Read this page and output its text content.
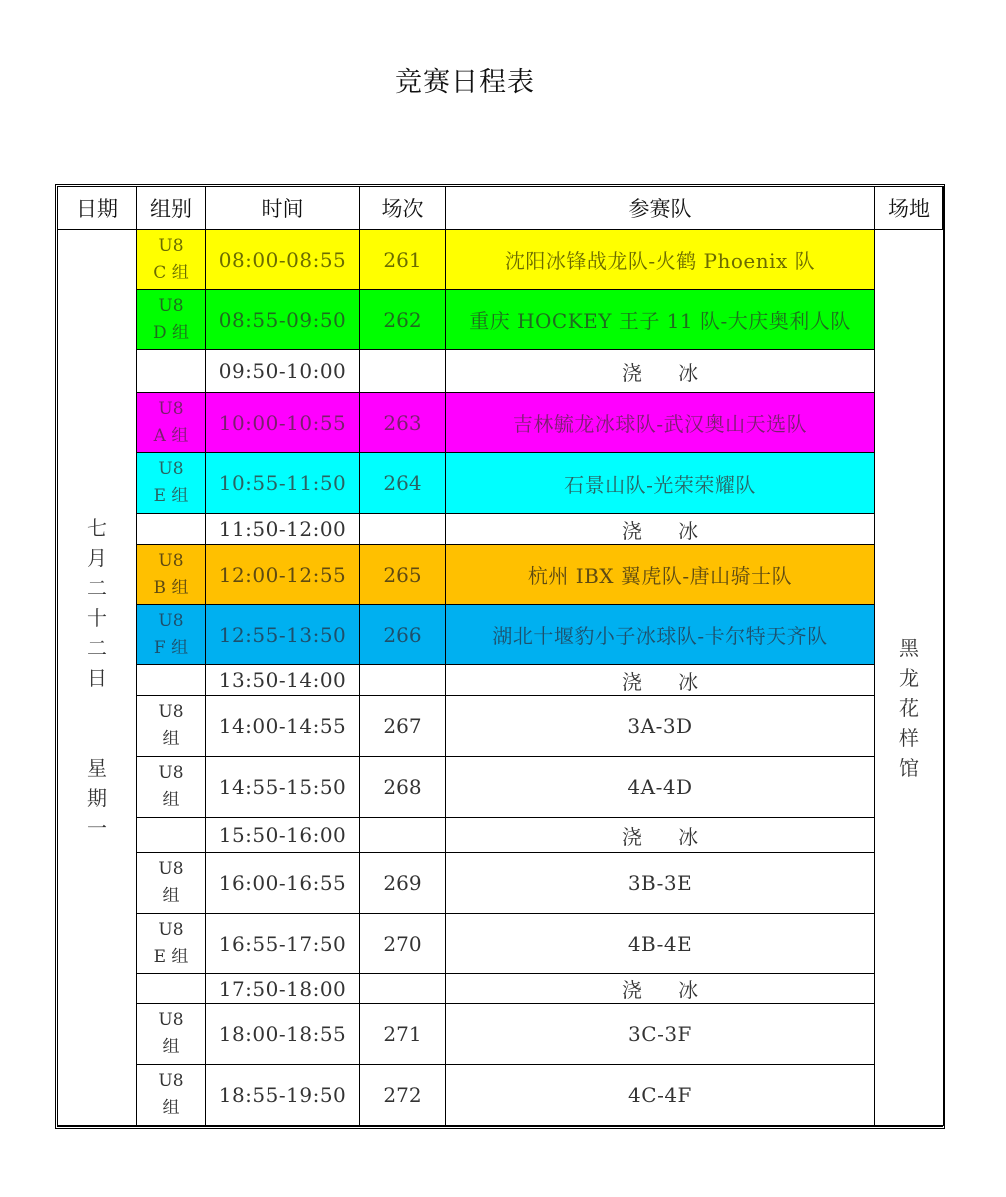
竞赛日程表
日期	组别	时间	场次	参赛队	场地
七月二十二日
星期一	
U8
C 组
	08:00-08:55	261	沈阳冰锋战龙队-火鹤 Phoenix 队	黑龙花样馆

	U8
D 组	08:55-09:50	262	重庆 HOCKEY 王子 11 队-大庆奥利人队	
		09:50-10:00		浇 冰	

	U8
A 组	10:00-10:55	263	吉林毓龙冰球队-武汉奥山天选队	

	U8
E 组	10:55-11:50	264	石景山队-光荣荣耀队	
		11:50-12:00		浇 冰	

	U8
B 组	12:00-12:55	265	杭州 IBX 翼虎队-唐山骑士队	

	U8
F 组	12:55-13:50	266	湖北十堰豹小子冰球队-卡尔特天齐队	
		13:50-14:00		浇 冰	

	U8
组	14:00-14:55	267	3A-3D	

	U8
组	14:55-15:50	268	4A-4D	
		15:50-16:00		浇 冰	

	U8
组	16:00-16:55	269	3B-3E	

	U8
E 组	16:55-17:50	270	4B-4E	
		17:50-18:00		浇 冰	

	U8
组	18:00-18:55	271	3C-3F	

	U8
组	18:55-19:50	272	4C-4F	
